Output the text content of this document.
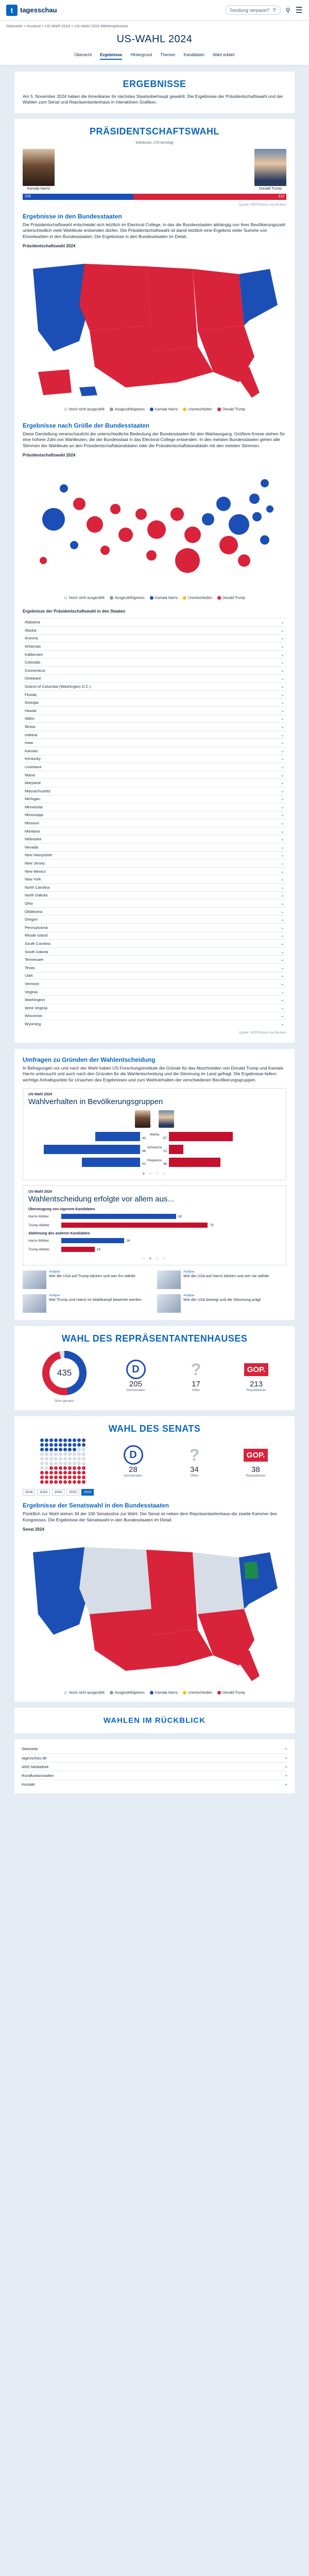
t	tagesschau	Sendung verpasst? ⚲ ⚲ ☰
Startseite > Ausland > US-Wahl 2024 > US-Wahl 2024 Wahlergebnisse
US-WAHL 2024
Übersicht Ergebnisse Hintergrund Themen Kandidaten Wahl erklärt
ERGEBNISSE

Am 5. November 2024 haben die Amerikaner ihr nächstes Staatsoberhaupt gewählt. Die Ergebnisse der Präsidentschaftswahl und der Wahlen zum Senat und Repräsentantenhaus in interaktiven Grafiken.

PRÄSIDENTSCHAFTSWAHL
Wahlleute, 270 benötigt
Kamala Harris	Donald Trump
226	312
Quelle: NEP/Edison via Reuters
Ergebnisse in den Bundesstaaten

Die Präsidentschaftswahl entscheidet sich letztlich im Electoral College, in das die Bundesstaaten abhängig von ihrer Bevölkerungszahl unterschiedlich viele Wahlleute entsenden dürfen. Die Präsidentschaftswahl ist damit letztlich eine Ergebnis vieler Summe von Einzelwahlen in den Bundesstaaten. Die Ergebnisse in den Bundesstaaten im Detail.

Präsidentschaftswahl 2024
Noch nicht ausgezählt	Ausgezählt/gewiss	Kamala Harris	Unentschieden	Donald Trump
Ergebnisse nach Größe der Bundesstaaten

Diese Darstellung veranschaulicht die unterschiedliche Bedeutung der Bundesstaaten für den Wahlausgang. Größere Kreise stehen für eine höhere Zahl von Wahlleuten, die der Bundesstaat in das Electoral College entsenden. In den meisten Bundesstaaten gehen alle Stimmen der Wahlleute an den Präsidentschaftskandidaten oder die Präsidentschaftskandidatin mit den meisten Stimmen.

Präsidentschaftswahl 2024
Noch nicht ausgezählt	Ausgezählt/gewiss	Kamala Harris	Unentschieden	Donald Trump
Ergebnisse der Präsidentschaftswahl in den Staaten
Alabama	⌄
Alaska	⌄
Arizona	⌄
Arkansas	⌄
Kalifornien	⌄
Colorado	⌄
Connecticut	⌄
Delaware	⌄
District of Columbia (Washington D.C.)	⌄
Florida	⌄
Georgia	⌄
Hawaii	⌄
Idaho	⌄
Illinois	⌄
Indiana	⌄
Iowa	⌄
Kansas	⌄
Kentucky	⌄
Louisiana	⌄
Maine	⌄
Maryland	⌄
Massachusetts	⌄
Michigan	⌄
Minnesota	⌄
Mississippi	⌄
Missouri	⌄
Montana	⌄
Nebraska	⌄
Nevada	⌄
New Hampshire	⌄
New Jersey	⌄
New Mexico	⌄
New York	⌄
North Carolina	⌄
North Dakota	⌄
Ohio	⌄
Oklahoma	⌄
Oregon	⌄
Pennsylvania	⌄
Rhode Island	⌄
South Carolina	⌄
South Dakota	⌄
Tennessee	⌄
Texas	⌄
Utah	⌄
Vermont	⌄
Virginia	⌄
Washington	⌄
West Virginia	⌄
Wisconsin	⌄
Wyoming	⌄
Quelle: NEP/Edison via Reuters
Umfragen zu Gründen der Wahlentscheidung

In Befragungen vor und nach der Wahl haben US-Forschungsinstitute die Gründe für das Abschneiden von Donald Trump und Kamala Harris untersucht und auch nach den Gründen für die Wahlentscheidung und die Stimmung im Land gefragt. Die Ergebnisse liefern wichtige Anhaltspunkte für Ursachen des Ergebnisses und zum Wahlverhalten der verschiedenen Bevölkerungsgruppen.

US-Wahl 2024
Wahlverhalten in Bevölkerungsgruppen
Weiße
40	57
Schwarze
86	13
Hispanics
52	46
● ○ ○ ○
US-Wahl 2024
Wahlentscheidung erfolgte vor allem aus...
Überzeugung von eigenem Kandidaten
Harris-Wähler	62
Trump-Wähler	79
Ablehnung des anderen Kandidaten
Harris-Wähler	34
Trump-Wähler	18
○ ● ○ ○
Analyse
Wie die USA auf Trump blicken und wer ihn wählte
Analyse
Wie die USA auf Harris blicken und wer sie wählte
Analyse
Wie Trump und Harris im Wahlkampf bewertet werden
Analyse
Wie die USA bewegt und die Stimmung prägt
WAHL DES REPRÄSENTANTENHAUSES
435
Sitze gesamt
D
205
Demokraten
?
17
Offen
GOP.
213
Republikaner
WAHL DES SENATS
D
28
Demokraten
?
34
Offen
GOP.
38
Republikaner
2016	2018	2020	2022	2024
Ergebnisse der Senatswahl in den Bundesstaaten

Pünktlich zur Wahl stehen 34 der 100 Senatssitze zur Wahl. Der Senat ist neben dem Repräsentantenhaus die zweite Kammer des Kongresses. Die Ergebnisse der Senatswahl in den Bundesstaaten im Detail.

Senat 2024
Noch nicht ausgezählt	Ausgezählt/gewiss	Kamala Harris	Unentschieden	Donald Trump
WAHLEN IM RÜCKBLICK
Startseite	+
tagesschau.de	+
ARD Mediathek	+
Rundfunkanstalten	+
Kontakt	+
